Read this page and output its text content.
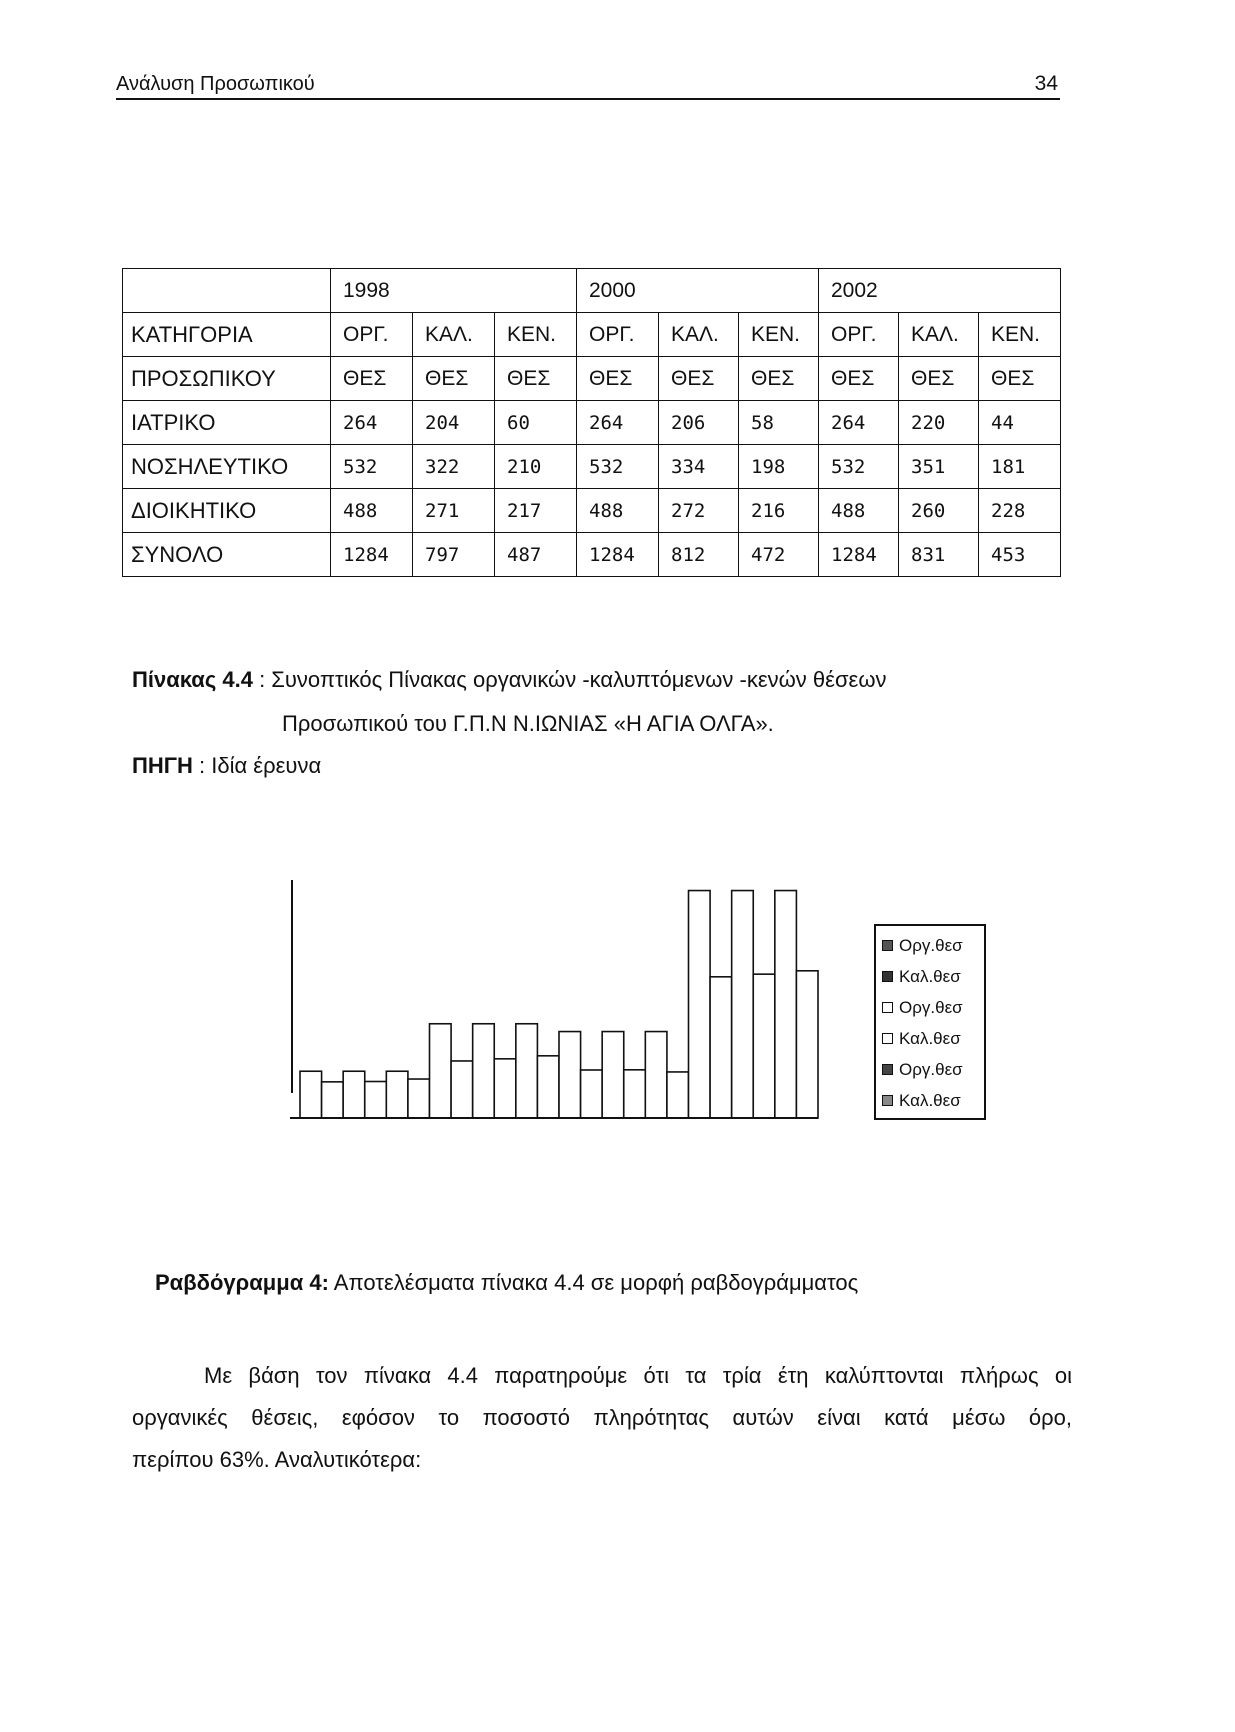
Ανάλυση Προσωπικού	34
	1998			2000			2002		
ΚΑΤΗΓΟΡΙΑ	ΟΡΓ.	ΚΑΛ.	ΚΕΝ.	ΟΡΓ.	ΚΑΛ.	ΚΕΝ.	ΟΡΓ.	ΚΑΛ.	ΚΕΝ.
ΠΡΟΣΩΠΙΚΟΥ	ΘΕΣ	ΘΕΣ	ΘΕΣ	ΘΕΣ	ΘΕΣ	ΘΕΣ	ΘΕΣ	ΘΕΣ	ΘΕΣ
ΙΑΤΡΙΚΟ	264	204	60	264	206	58	264	220	44
ΝΟΣΗΛΕΥΤΙΚΟ	532	322	210	532	334	198	532	351	181
ΔΙΟΙΚΗΤΙΚΟ	488	271	217	488	272	216	488	260	228
ΣΥΝΟΛΟ	1284	797	487	1284	812	472	1284	831	453
Πίνακας 4.4 : Συνοπτικός Πίνακας οργανικών -καλυπτόμενων -κενών θέσεων
Προσωπικού του Γ.Π.Ν Ν.ΙΩΝΙΑΣ «Η ΑΓΙΑ ΟΛΓΑ».
ΠΗΓΗ : Ιδία έρευνα
Οργ.θεσ
Καλ.θεσ
Οργ.θεσ
Καλ.θεσ
Οργ.θεσ
Καλ.θεσ
Ραβδόγραμμα 4: Αποτελέσματα πίνακα 4.4 σε μορφή ραβδογράμματος
Με βάση τον πίνακα 4.4 παρατηρούμε ότι τα τρία έτη καλύπτονται πλήρως οι
οργανικές θέσεις, εφόσον το ποσοστό πληρότητας αυτών είναι κατά μέσω όρο,
περίπου 63%. Αναλυτικότερα:
